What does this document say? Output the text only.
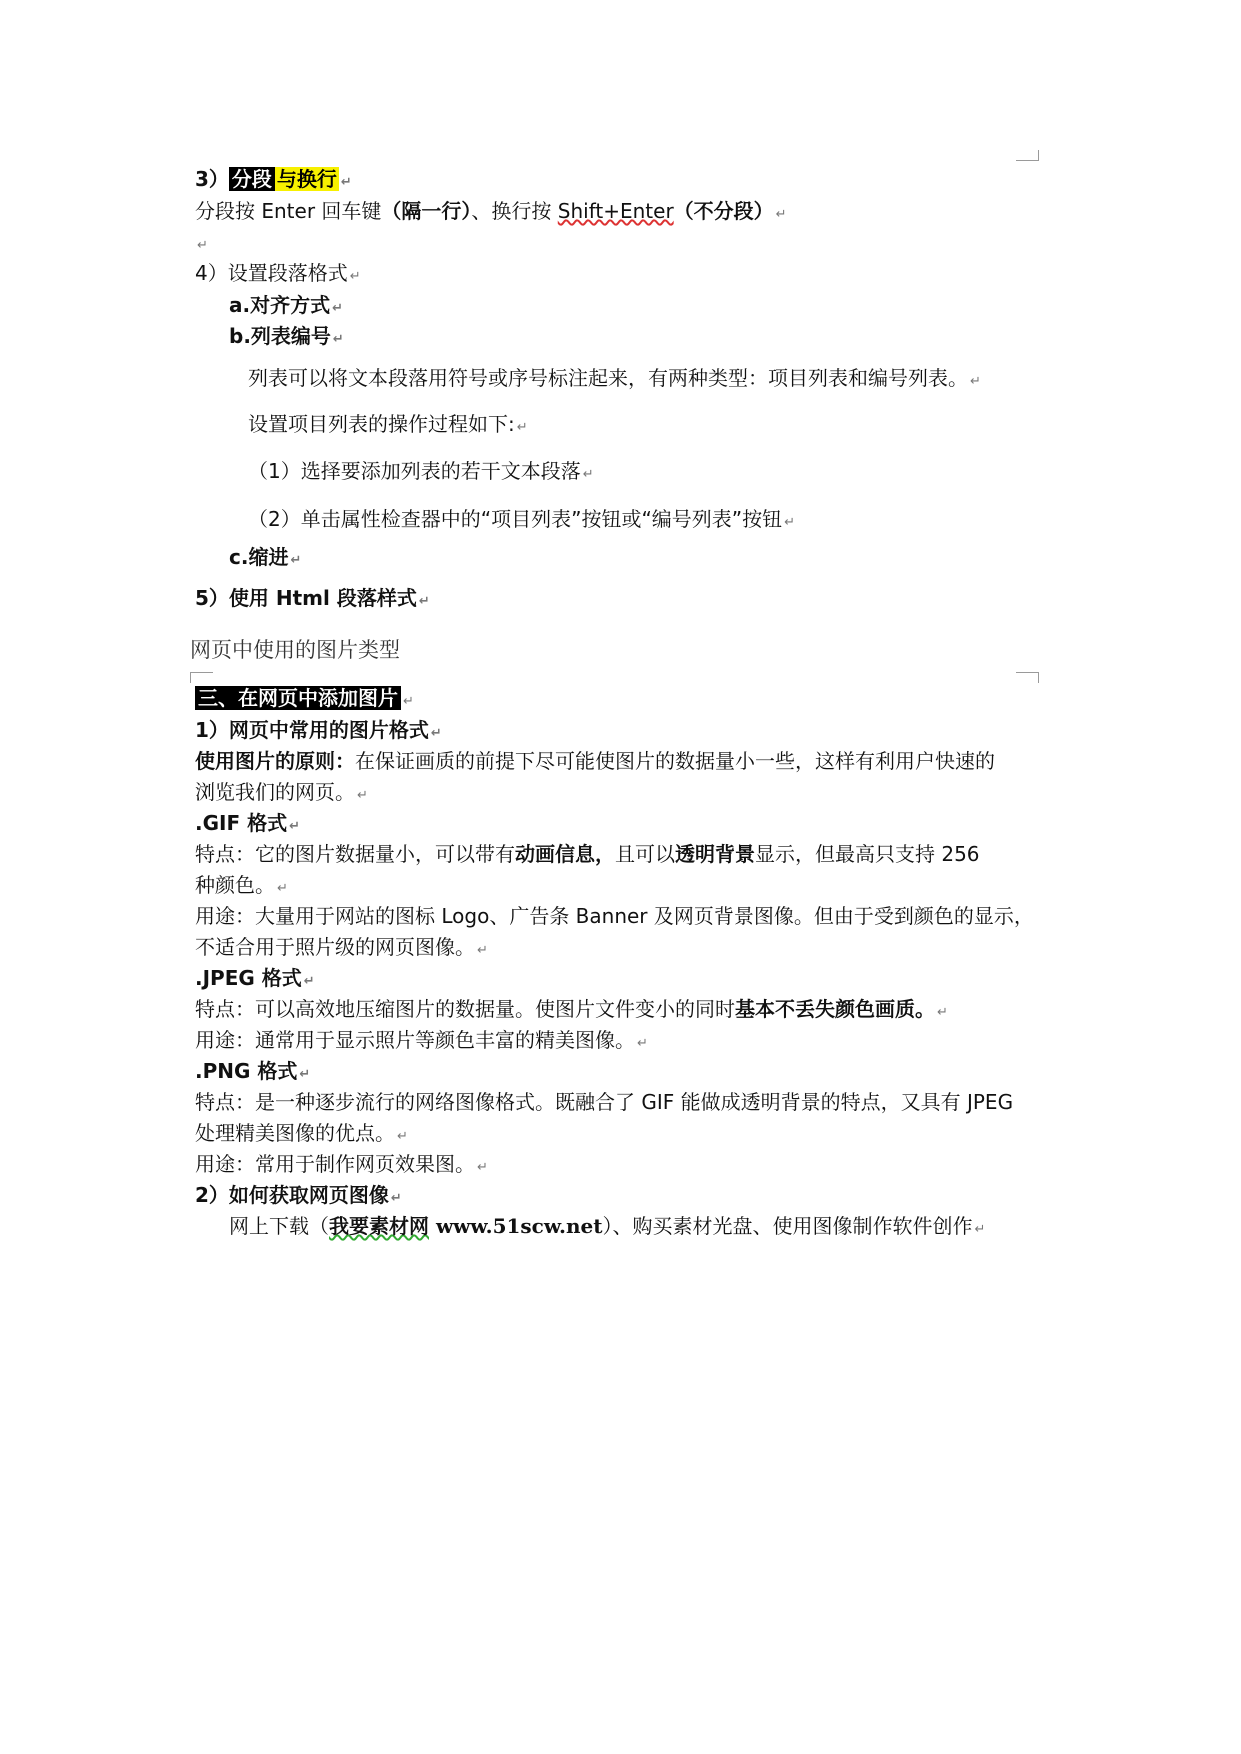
3） 分段 与换行 ↵
分段按 Enter 回车键（隔一行）、换行按 Shift+Enter（不分段） ↵
↵
4）设置段落格式 ↵
a.对齐方式 ↵
b.列表编号 ↵
列表可以将文本段落用符号或序号标注起来，有两种类型：项目列表和编号列表。 ↵
设置项目列表的操作过程如下: ↵
（1）选择要添加列表的若干文本段落 ↵
（2）单击属性检查器中的“项目列表”按钮或“编号列表”按钮 ↵
c.缩进 ↵
5）使用 Html 段落样式 ↵
网页中使用的图片类型
三、在网页中添加图片 ↵
1）网页中常用的图片格式 ↵
使用图片的原则：在保证画质的前提下尽可能使图片的数据量小一些，这样有利用户快速的
浏览我们的网页。 ↵
.GIF 格式 ↵
特点：它的图片数据量小，可以带有动画信息，且可以透明背景显示，但最高只支持 256
种颜色。 ↵
用途：大量用于网站的图标 Logo、广告条 Banner 及网页背景图像。但由于受到颜色的显示，
不适合用于照片级的网页图像。 ↵
.JPEG 格式 ↵
特点：可以高效地压缩图片的数据量。使图片文件变小的同时基本不丢失颜色画质。 ↵
用途：通常用于显示照片等颜色丰富的精美图像。 ↵
.PNG 格式 ↵
特点：是一种逐步流行的网络图像格式。既融合了 GIF 能做成透明背景的特点，又具有 JPEG
处理精美图像的优点。 ↵
用途：常用于制作网页效果图。 ↵
2）如何获取网页图像 ↵
网上下载（我要素材网 www.51scw.net）、购买素材光盘、使用图像制作软件创作 ↵
